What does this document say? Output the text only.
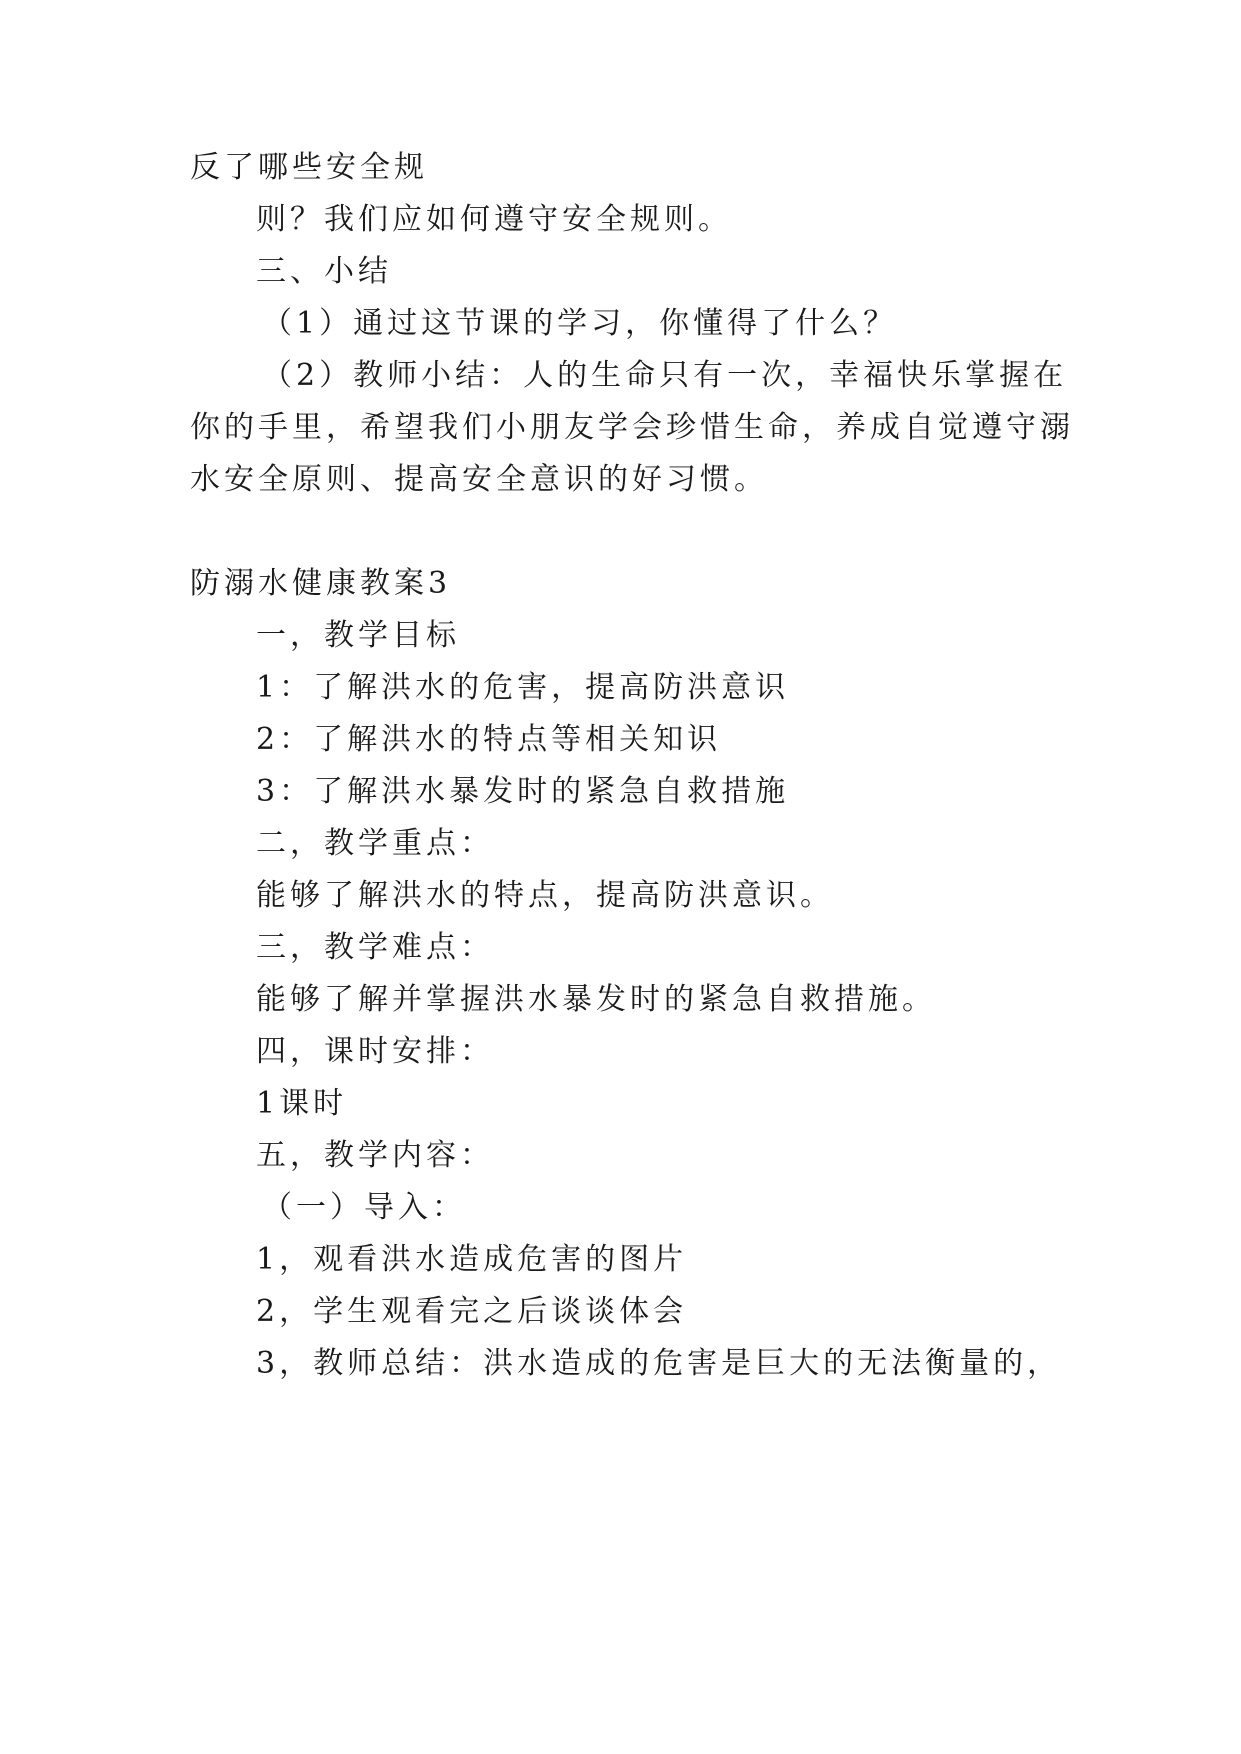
反了哪些安全规
则？我们应如何遵守安全规则。
三、小结
（1）通过这节课的学习，你懂得了什么？
（2）教师小结：人的生命只有一次，幸福快乐掌握在
你的手里，希望我们小朋友学会珍惜生命，养成自觉遵守溺
水安全原则、提高安全意识的好习惯。
防溺水健康教案3
一，教学目标
1：了解洪水的危害，提高防洪意识
2：了解洪水的特点等相关知识
3：了解洪水暴发时的紧急自救措施
二，教学重点：
能够了解洪水的特点，提高防洪意识。
三，教学难点：
能够了解并掌握洪水暴发时的紧急自救措施。
四，课时安排：
1课时
五，教学内容：
（一）导入：
1，观看洪水造成危害的图片
2，学生观看完之后谈谈体会
3，教师总结：洪水造成的危害是巨大的无法衡量的，
